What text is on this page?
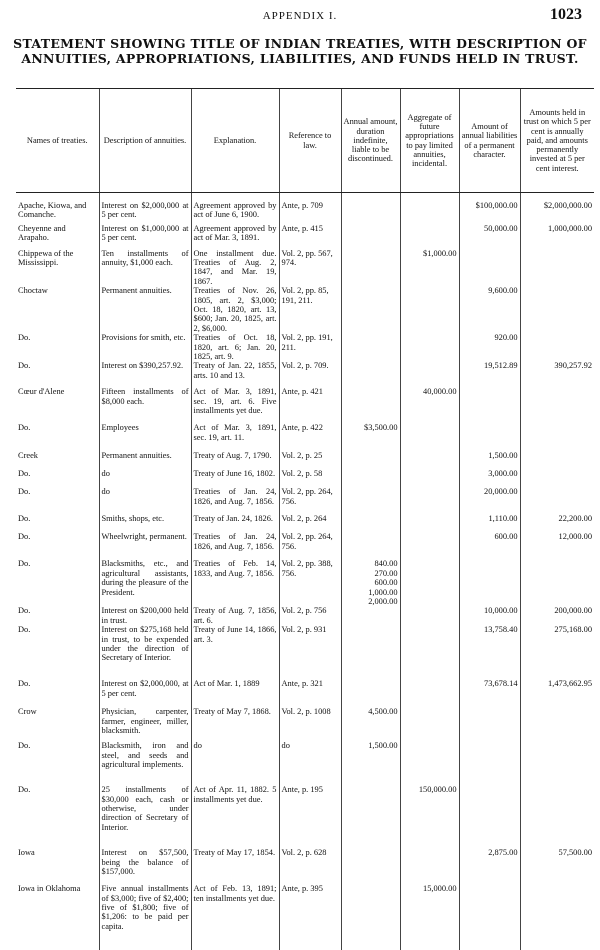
APPENDIX I.	1023
STATEMENT SHOWING TITLE OF INDIAN TREATIES, WITH DESCRIPTION OF
ANNUITIES, APPROPRIATIONS, LIABILITIES, AND FUNDS HELD IN TRUST.
Names of treaties.	Description of annuities.	Explanation.	Reference to law.	Annual amount, duration indefinite, liable to be discontinued.	Aggregate of future appropriations to pay limited annuities, incidental.	Amount of annual liabilities of a permanent character.	Amounts held in trust on which 5 per cent is annually paid, and amounts permanently invested at 5 per cent interest.

Apache, Kiowa, and Comanche.	Interest on $2,000,000 at 5 per cent.	Agreement approved by act of June 6, 1900.	Ante, p. 709			$100,000.00	$2,000,000.00
Cheyenne and Arapaho.	Interest on $1,000,000 at 5 per cent.	Agreement approved by act of Mar. 3, 1891.	Ante, p. 415			50,000.00	1,000,000.00
Chippewa of the Mississippi.	Ten installments of annuity, $1,000 each.	One installment due. Treaties of Aug. 2, 1847, and Mar. 19, 1867.	Vol. 2, pp. 567, 974.		$1,000.00		
Choctaw	Permanent annuities.	Treaties of Nov. 26, 1805, art. 2, $3,000; Oct. 18, 1820, art. 13, $600; Jan. 20, 1825, art. 2, $6,000.	Vol. 2, pp. 85, 191, 211.			9,600.00	
Do.	Provisions for smith, etc.	Treaties of Oct. 18, 1820, art. 6; Jan. 20, 1825, art. 9.	Vol. 2, pp. 191, 211.			920.00	
Do.	Interest on $390,257.92.	Treaty of Jan. 22, 1855, arts. 10 and 13.	Vol. 2, p. 709.			19,512.89	390,257.92
Cœur d'Alene	Fifteen installments of $8,000 each.	Act of Mar. 3, 1891, sec. 19, art. 6. Five installments yet due.	Ante, p. 421		40,000.00		
Do.	Employees	Act of Mar. 3, 1891, sec. 19, art. 11.	Ante, p. 422	$3,500.00			
Creek	Permanent annuities.	Treaty of Aug. 7, 1790.	Vol. 2, p. 25			1,500.00	
Do.	do	Treaty of June 16, 1802.	Vol. 2, p. 58			3,000.00	
Do.	do	Treaties of Jan. 24, 1826, and Aug. 7, 1856.	Vol. 2, pp. 264, 756.			20,000.00	
Do.	Smiths, shops, etc.	Treaty of Jan. 24, 1826.	Vol. 2, p. 264			1,110.00	22,200.00
Do.	Wheelwright, permanent.	Treaties of Jan. 24, 1826, and Aug. 7, 1856.	Vol. 2, pp. 264, 756.			600.00	12,000.00
Do.	Blacksmiths, etc., and agricultural assistants, during the pleasure of the President.	Treaties of Feb. 14, 1833, and Aug. 7, 1856.	Vol. 2, pp. 388, 756.	840.00
270.00
600.00
1,000.00
2,000.00			

Do.	Interest on $200,000 held in trust.	Treaty of Aug. 7, 1856, art. 6.	Vol. 2, p. 756			10,000.00	200,000.00
Do.	Interest on $275,168 held in trust, to be expended under the direction of Secretary of Interior.	Treaty of June 14, 1866, art. 3.	Vol. 2, p. 931			13,758.40	275,168.00
Do.	Interest on $2,000,000, at 5 per cent.	Act of Mar. 1, 1889	Ante, p. 321			73,678.14	1,473,662.95
Crow	Physician, carpenter, farmer, engineer, miller, blacksmith.	Treaty of May 7, 1868.	Vol. 2, p. 1008	4,500.00			
Do.	Blacksmith, iron and steel, and seeds and agricultural implements.	do	do	1,500.00			
Do.	25 installments of $30,000 each, cash or otherwise, under direction of Secretary of Interior.	Act of Apr. 11, 1882. 5 installments yet due.	Ante, p. 195		150,000.00		
Iowa	Interest on $57,500, being the balance of $157,000.	Treaty of May 17, 1854.	Vol. 2, p. 628			2,875.00	57,500.00
Iowa in Oklahoma	Five annual installments of $3,000; five of $2,400; five of $1,800; five of $1,206: to be paid per capita.	Act of Feb. 13, 1891; ten installments yet due.	Ante, p. 395		15,000.00		
